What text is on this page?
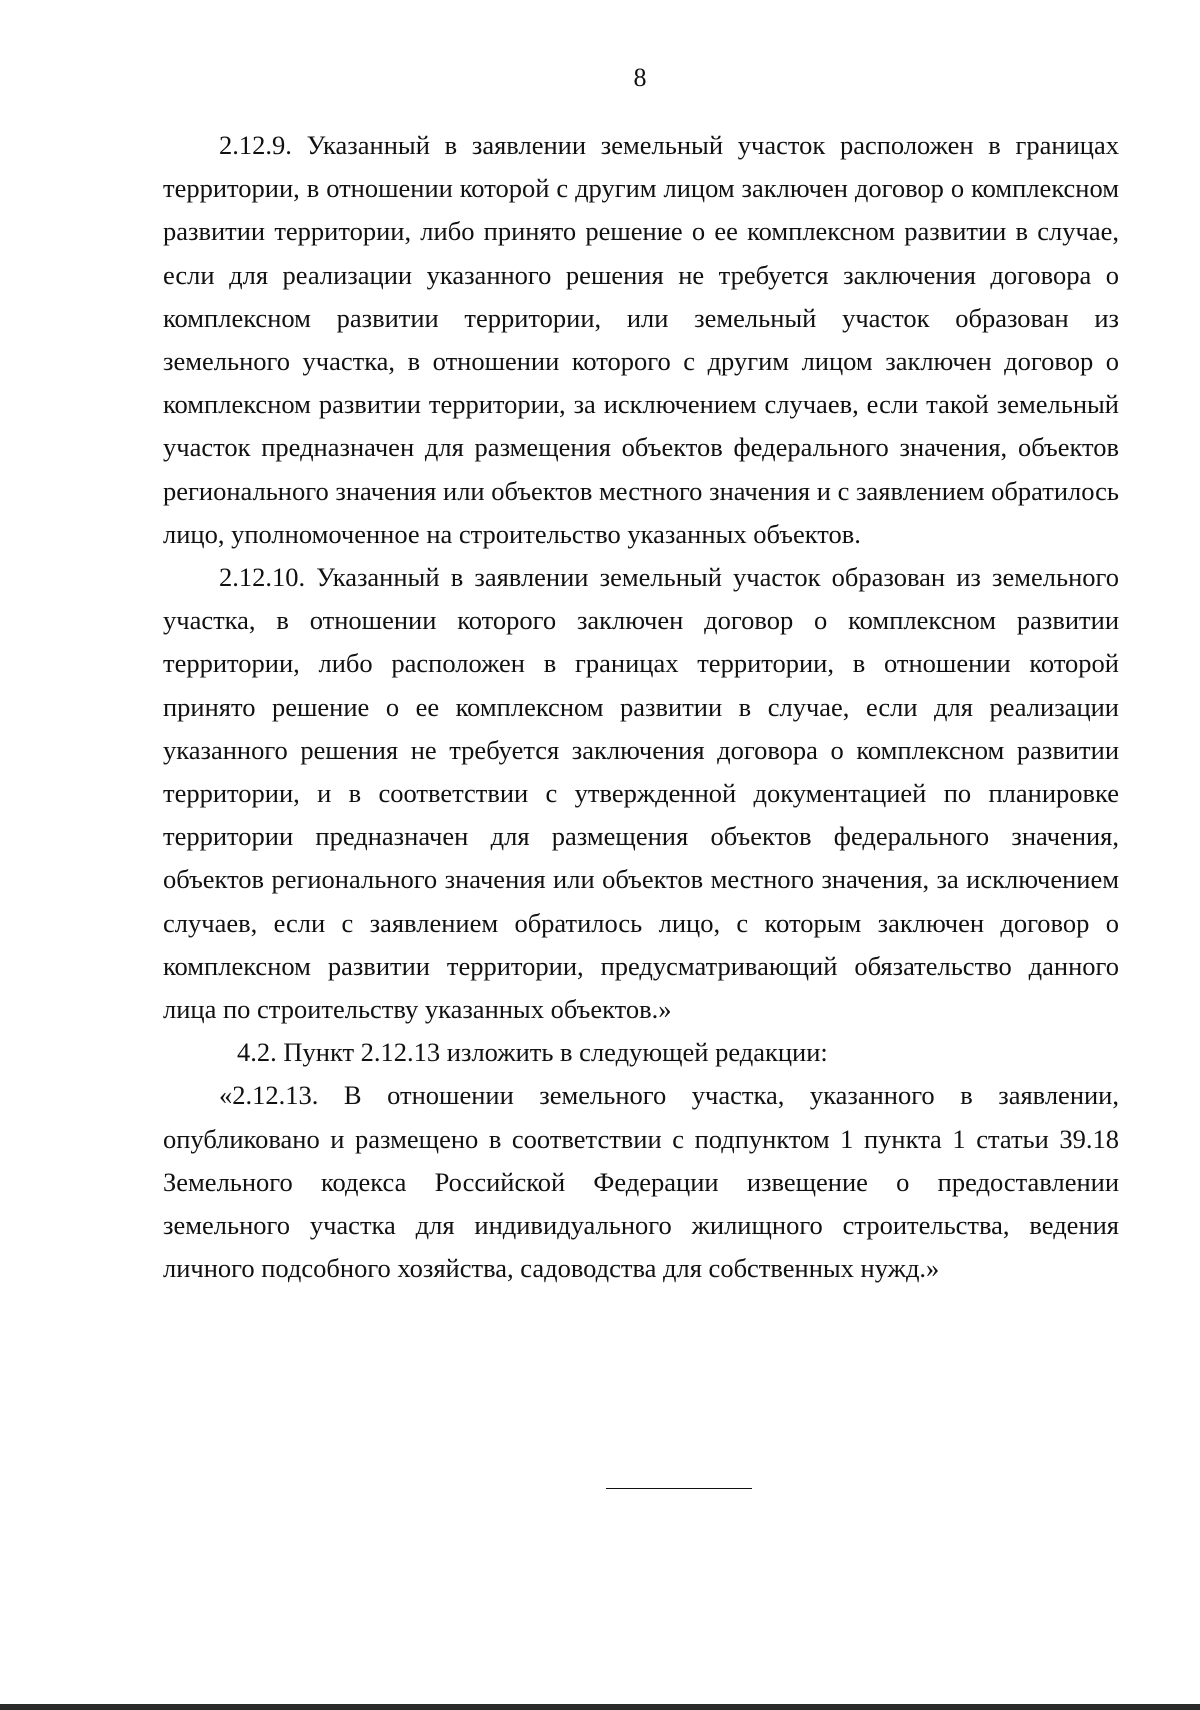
8

2.12.9. Указанный в заявлении земельный участок расположен в границах территории, в отношении которой с другим лицом заключен договор о комплексном развитии территории, либо принято решение о ее комплексном развитии в случае, если для реализации указанного решения не требуется заключения договора о комплексном развитии территории, или земельный участок образован из земельного участка, в отношении которого с другим лицом заключен договор о комплексном развитии территории, за исключением случаев, если такой земельный участок предназначен для размещения объектов федерального значения, объектов регионального значения или объектов местного значения и с заявлением обратилось лицо, уполномоченное на строительство указанных объектов.

2.12.10. Указанный в заявлении земельный участок образован из земельного участка, в отношении которого заключен договор о комплексном развитии территории, либо расположен в границах территории, в отношении которой принято решение о ее комплексном развитии в случае, если для реализации указанного решения не требуется заключения договора о комплексном развитии территории, и в соответствии с утвержденной документацией по планировке территории предназначен для размещения объектов федерального значения, объектов регионального значения или объектов местного значения, за исключением случаев, если с заявлением обратилось лицо, с которым заключен договор о комплексном развитии территории, предусматривающий обязательство данного лица по строительству указанных объектов.»

4.2. Пункт 2.12.13 изложить в следующей редакции:

«2.12.13. В отношении земельного участка, указанного в заявлении, опубликовано и размещено в соответствии с подпунктом 1 пункта 1 статьи 39.18 Земельного кодекса Российской Федерации извещение о предоставлении земельного участка для индивидуального жилищного строительства, ведения личного подсобного хозяйства, садоводства для собственных нужд.»
